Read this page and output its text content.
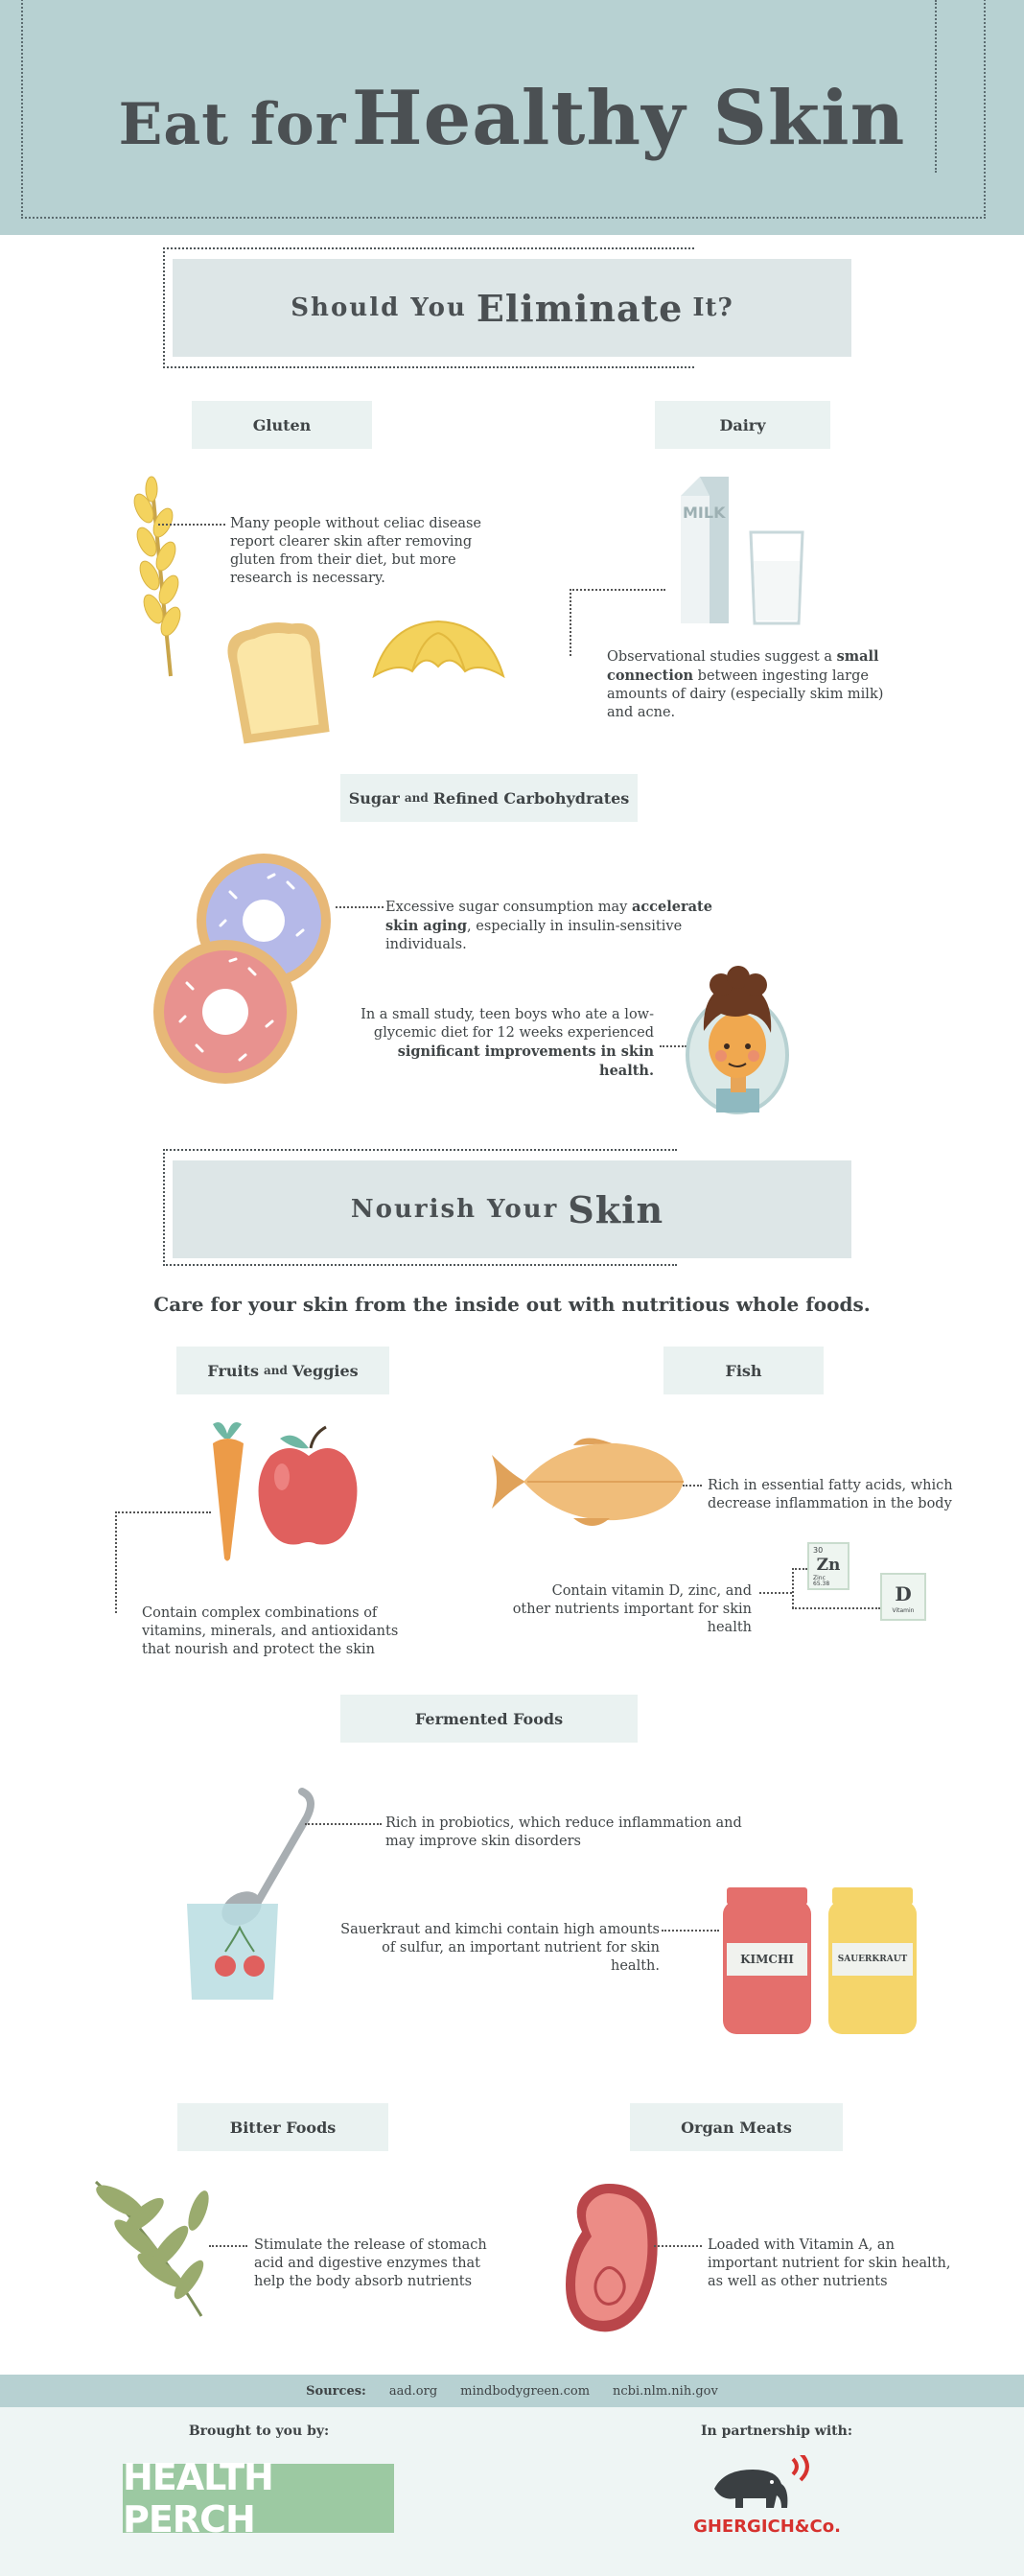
Eat for Healthy Skin
Should You Eliminate It?
Gluten
Many people without celiac disease report clearer skin after removing gluten from their diet, but more research is necessary.
Dairy
MILK
Observational studies suggest a small connection between ingesting large amounts of dairy (especially skim milk) and acne.
Sugar and Refined Carbohydrates
Excessive sugar consumption may accelerate skin aging, especially in insulin-sensitive individuals.
In a small study, teen boys who ate a low-glycemic diet for 12 weeks experienced significant improvements in skin health.
Nourish Your Skin
Care for your skin from the inside out with nutritious whole foods.
Fruits and Veggies
Contain complex combinations of vitamins, minerals, and antioxidants that nourish and protect the skin
Fish
Rich in essential fatty acids, which decrease inflammation in the body
Contain vitamin D, zinc, and other nutrients important for skin health
30
Zn
Zinc
65.38	D
Vitamin
Fermented Foods
Rich in probiotics, which reduce inflammation and may improve skin disorders
Sauerkraut and kimchi contain high amounts of sulfur, an important nutrient for skin health.	KIMCHI	SAUERKRAUT
Bitter Foods
Stimulate the release of stomach acid and digestive enzymes that help the body absorb nutrients
Organ Meats
Loaded with Vitamin A, an important nutrient for skin health, as well as other nutrients
Sources: aad.org mindbodygreen.com ncbi.nlm.nih.gov
Brought to you by:	In partnership with:
HEALTH PERCH	GHERGICH&Co.
